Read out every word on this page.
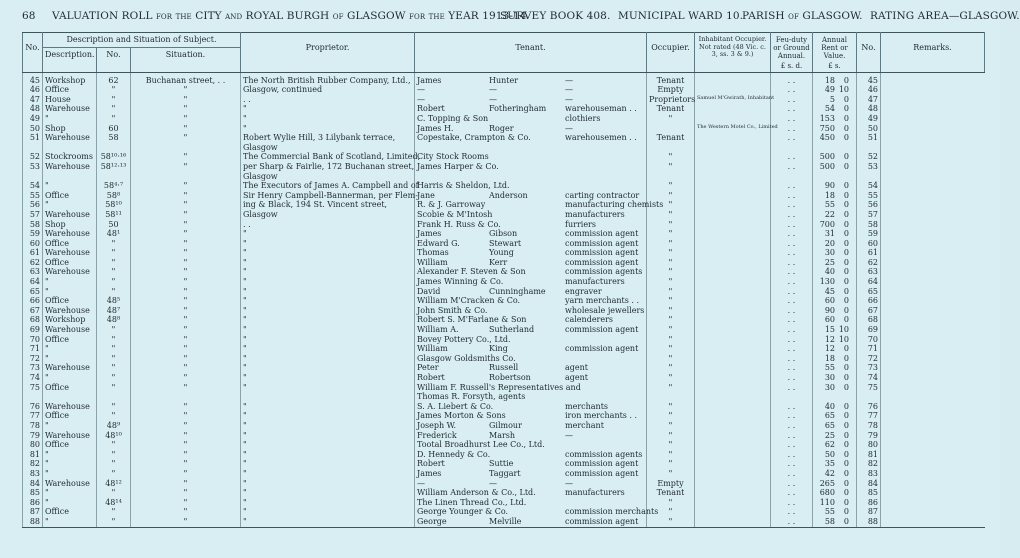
68 VALUATION ROLL for the CITY and ROYAL BURGH of GLASGOW for the YEAR 1913-14
SURVEY BOOK 408. MUNICIPAL WARD 10.
PARISH of GLASGOW. RATING AREA—GLASGOW.
No.	Description and Situation of Subject.			Proprietor.	Tenant.	Occupier.	Inhabitant Occupier. Not rated (48 Vic. c. 3, ss. 3 & 9.)	Feu-duty or Ground Annual.	Annual Rent or Value.	No.	Remarks.
	Description.	No.	Situation.								
								£ s. d.	£ s.		
45	Workshop	62	Buchanan street, . .	The North British Rubber Company, Ltd.,	James Hunter —	Tenant		. .	18 0	45	
46	Office	"	"	Glasgow, continued	— — —	Empty		. .	49 10	46	
47	House	"	"	. .	— — —	Proprietors	Samuel M'Gwirath, Inhabitant	. .	5 0	47	
48	Warehouse	"	"	"	Robert Fotheringham warehouseman . .	Tenant		. .	54 0	48	
49	"	"	"	"	C. Topping & Son clothiers	"		. .	153 0	49	
50	Shop	60	"	"	James H. Roger —		The Western Motel Co., Limited	. .	750 0	50	
51	Warehouse	58	"	Robert Wylie Hill, 3 Lilybank terrace,	Copestake, Crampton & Co. warehousemen . .	Tenant		. .	450 0	51	
				Glasgow	

52	Stockrooms	58¹⁰·¹⁶	"	The Commercial Bank of Scotland, Limited,	City Stock Rooms	"		. .	500 0	52	
53	Warehouse	58¹²·¹³	"	per Sharp & Fairlie, 172 Buchanan street,	James Harper & Co.	"		. .	500 0	53	
				Glasgow	

54	"	58⁴·⁷	"	The Executors of James A. Campbell and of	Harris & Sheldon, Ltd.	"		. .	90 0	54	
55	Office	58⁸	"	Sir Henry Campbell-Bannerman, per Flem-	Jane Anderson carting contractor	"		. .	18 0	55	
56	"	58¹⁰	"	ing & Black, 194 St. Vincent street,	R. & J. Garroway manufacturing chemists	"		. .	55 0	56	
57	Warehouse	58¹¹	"	Glasgow	Scobie & M'Intosh manufacturers	"		. .	22 0	57	
58	Shop	50	"	. .	Frank H. Russ & Co. furriers	"		. .	700 0	58	
59	Warehouse	48¹	"	"	James Gibson commission agent	"		. .	31 0	59	
60	Office	"	"	"	Edward G. Stewart commission agent	"		. .	20 0	60	
61	Warehouse	"	"	"	Thomas Young commission agent	"		. .	30 0	61	
62	Office	"	"	"	William Kerr commission agent	"		. .	25 0	62	
63	Warehouse	"	"	"	Alexander F. Steven & Son commission agents	"		. .	40 0	63	
64	"	"	"	"	James Winning & Co. manufacturers	"		. .	130 0	64	
65	"	"	"	"	David Cunninghame engraver	"		. .	45 0	65	
66	Office	48⁵	"	"	William M'Cracken & Co. yarn merchants . .	"		. .	60 0	66	
67	Warehouse	48⁷	"	"	John Smith & Co. wholesale jewellers	"		. .	90 0	67	
68	Workshop	48⁸	"	"	Robert S. M'Farlane & Son calenderers	"		. .	60 0	68	
69	Warehouse	"	"	"	William A. Sutherland commission agent	"		. .	15 10	69	
70	Office	"	"	"	Bovey Pottery Co., Ltd.	"		. .	12 10	70	
71	"	"	"	"	William King commission agent	"		. .	12 0	71	
72	"	"	"	"	Glasgow Goldsmiths Co.	"		. .	18 0	72	
73	Warehouse	"	"	"	Peter Russell agent	"		. .	55 0	73	
74	"	"	"	"	Robert Robertson agent	"		. .	30 0	74	
75	Office	"	"	"	William F. Russell's Representatives and	"		. .	30 0	75	

					Thomas R. Forsyth, agents						

76	Warehouse	"	"	"	S. A. Liebert & Co. merchants	"		. .	40 0	76	
77	Office	"	"	"	James Morton & Sons iron merchants . .	"		. .	65 0	77	
78	"	48⁹	"	"	Joseph W. Gilmour merchant	"		. .	65 0	78	
79	Warehouse	48¹⁰	"	"	Frederick Marsh —	"		. .	25 0	79	
80	Office	"	"	"	Tootal Broadhurst Lee Co., Ltd.	"		. .	62 0	80	
81	"	"	"	"	D. Hennedy & Co. commission agents	"		. .	50 0	81	
82	"	"	"	"	Robert Suttie commission agent	"		. .	35 0	82	
83	"	"	"	"	James Taggart commission agent	"		. .	42 0	83	
84	Warehouse	48¹²	"	"	— — —	Empty		. .	265 0	84	
85	"	"	"	"	William Anderson & Co., Ltd. manufacturers	Tenant		. .	680 0	85	
86	"	48¹⁴	"	"	The Linen Thread Co., Ltd.	"		. .	110 0	86	
87	Office	"	"	"	George Younger & Co. commission merchants	"		. .	55 0	87	
88	"	"	"	"	George Melville commission agent	"		. .	58 0	88	
